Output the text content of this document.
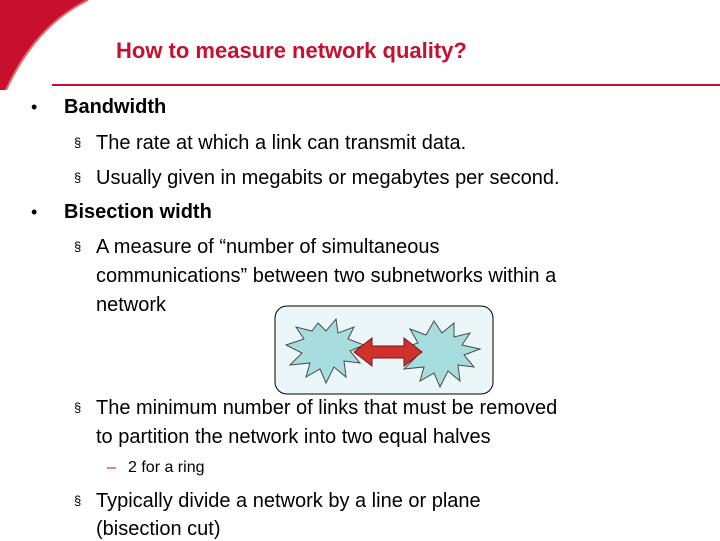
How to measure network quality?
• Bandwidth
§ The rate at which a link can transmit data.
§ Usually given in megabits or megabytes per second.
• Bisection width
§ A measure of “number of simultaneous
communications” between two subnetworks within a
network
§ The minimum number of links that must be removed
to partition the network into two equal halves
– 2 for a ring
§ Typically divide a network by a line or plane
(bisection cut)
